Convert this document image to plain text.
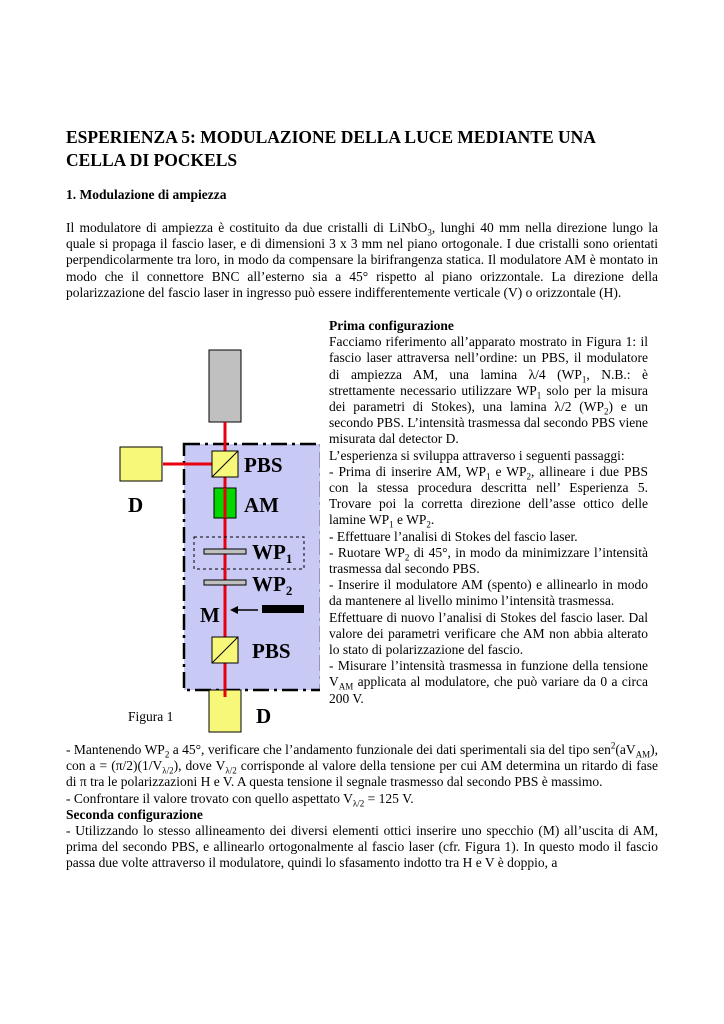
ESPERIENZA 5: MODULAZIONE DELLA LUCE MEDIANTE UNA CELLA DI POCKELS
1. Modulazione di ampiezza

Il modulatore di ampiezza è costituito da due cristalli di LiNbO$_3$, lunghi 40 mm nella direzione lungo la quale si propaga il fascio laser, e di dimensioni 3 x 3 mm nel piano ortogonale. I due cristalli sono orientati perpendicolarmente tra loro, in modo da compensare la birifrangenza statica. Il modulatore AM è montato in modo che il connettore BNC all’esterno sia a 45° rispetto al piano orizzontale. La direzione della polarizzazione del fascio laser in ingresso può essere indifferentemente verticale (V) o orizzontale (H).

Prima configurazione
Facciamo riferimento all’apparato mostrato in Figura 1: il fascio laser attraversa nell’ordine: un PBS, il modulatore di ampiezza AM, una lamina λ/4 ($WP_1$, N.B.: è strettamente necessario utilizzare $WP_1$ solo per la misura dei parametri di Stokes), una lamina λ/2 $(WP_2)$ e un secondo PBS. L’intensità trasmessa dal secondo PBS viene misurata dal detector D.
L’esperienza si sviluppa attraverso i seguenti passaggi:
- Prima di inserire AM, $WP_1$ e $WP_2$, allineare i due PBS con la stessa procedura descritta nell’ Esperienza 5. Trovare poi la corretta direzione dell’asse ottico delle lamine $WP_1$ e $WP_2$.
- Effettuare l’analisi di Stokes del fascio laser.
- Ruotare $WP_2$ di 45°, in modo da minimizzare l’intensità trasmessa dal secondo PBS.
- Inserire il modulatore AM (spento) e allinearlo in modo da mantenere al livello minimo l’intensità trasmessa.
Effettuare di nuovo l’analisi di Stokes del fascio laser. Dal valore dei parametri verificare che AM non abbia alterato lo stato di polarizzazione del fascio.
- Misurare l’intensità trasmessa in funzione della tensione $V_{AM}$ applicata al modulatore, che può variare da 0 a circa 200 V.
PBS
D	AM
WP1
WP2
M
PBS
D
Figura 1
- Mantenendo $WP_2$ a 45°, verificare che l’andamento funzionale dei dati sperimentali sia del tipo $sen^2(aV_{AM})$, con $a = (\pi/2)(1/V_{\lambda/2})$, dove $V_{\lambda/2}$ corrisponde al valore della tensione per cui AM determina un ritardo di fase di π tra le polarizzazioni H e V. A questa tensione il segnale trasmesso dal secondo PBS è massimo.
- Confrontare il valore trovato con quello aspettato $V_{\lambda/2} = 125$ V.
Seconda configurazione
- Utilizzando lo stesso allineamento dei diversi elementi ottici inserire uno specchio (M) all’uscita di AM, prima del secondo PBS, e allinearlo ortogonalmente al fascio laser (cfr. Figura 1). In questo modo il fascio passa due volte attraverso il modulatore, quindi lo sfasamento indotto tra H e V è doppio, a
